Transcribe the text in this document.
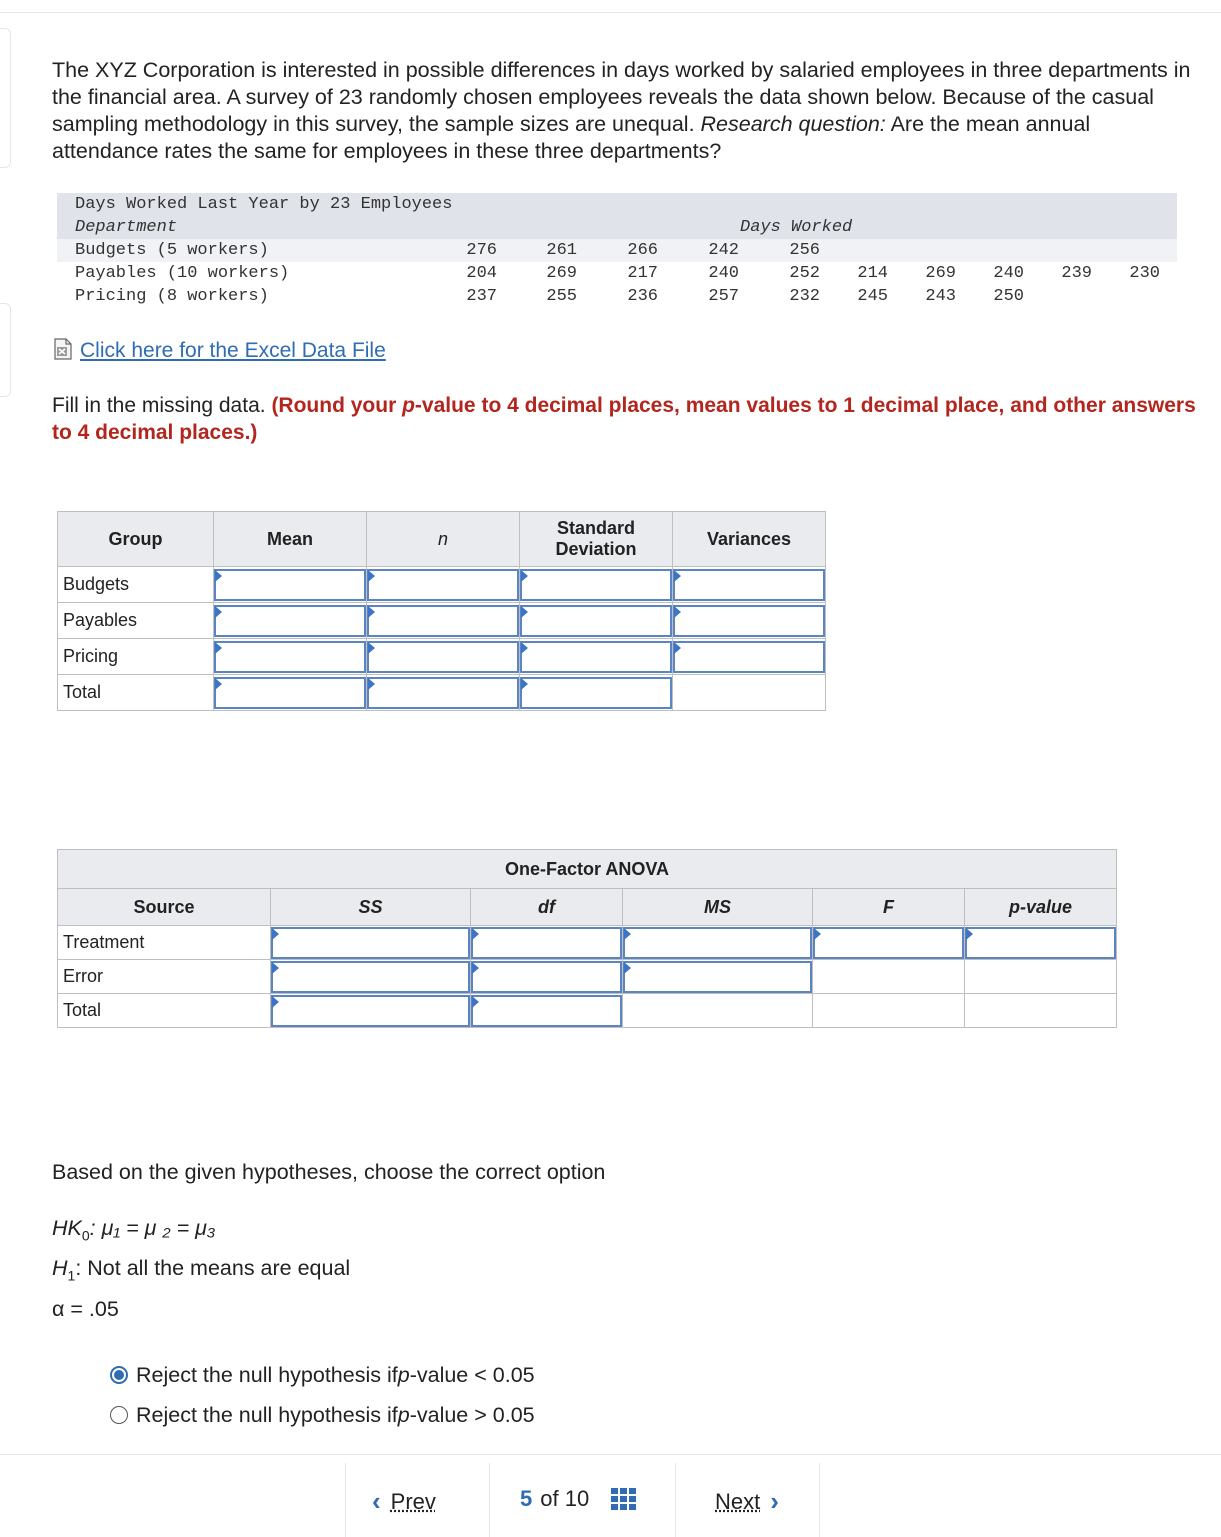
The XYZ Corporation is interested in possible differences in days worked by salaried employees in three departments in the financial area. A survey of 23 randomly chosen employees reveals the data shown below. Because of the casual sampling methodology in this survey, the sample sizes are unequal. Research question: Are the mean annual attendance rates the same for employees in these three departments?
Days Worked Last Year by 23 Employees
Department	Days Worked
Budgets (5 workers)	276	261	266	242	256
Payables (10 workers)	204	269	217	240	252	214	269	240	239	230
Pricing (8 workers)	237	255	236	257	232	245	243	250
Click here for the Excel Data File
Fill in the missing data. (Round your p-value to 4 decimal places, mean values to 1 decimal place, and other answers to 4 decimal places.)
Group	Mean	n	Standard
Deviation	Variances
Budgets	

Payables	

Pricing	

Total	

One-Factor ANOVA					
Source	SS	df	MS	F	p-value
Treatment	

Error	

Total	

Based on the given hypotheses, choose the correct option
$HK_0$: μ₁ = μ ₂ = μ₃
$H_1$: Not all the means are equal
α = .05
Reject the null hypothesis if p -value < 0.05
Reject the null hypothesis if p -value > 0.05
‹ Prev	5 of 10	Next ›
